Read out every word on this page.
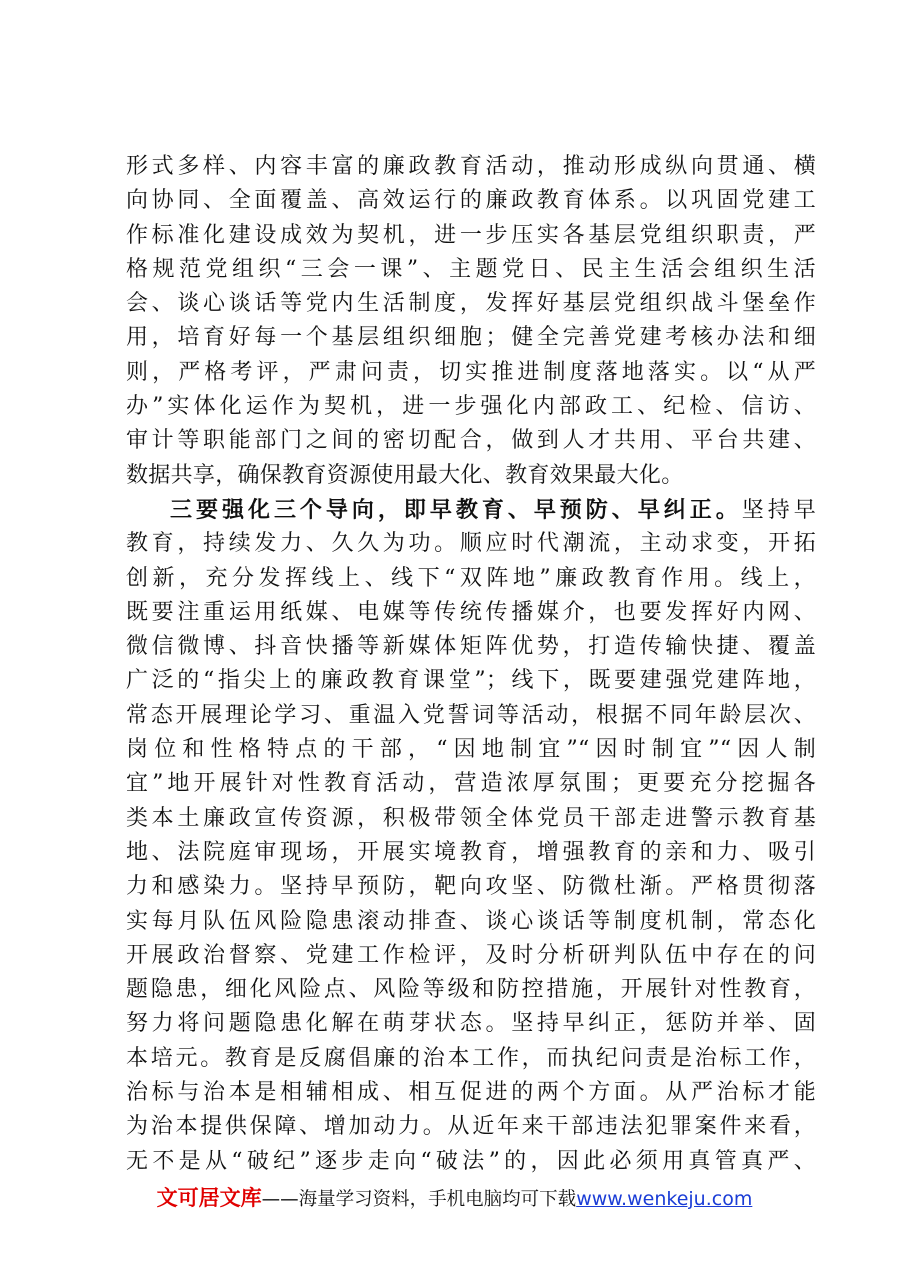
形式多样、内容丰富的廉政教育活动，推动形成纵向贯通、横
向协同、全面覆盖、高效运行的廉政教育体系。以巩固党建工
作标准化建设成效为契机，进一步压实各基层党组织职责，严
格规范党组织“三会一课”、主题党日、民主生活会组织生活
会、谈心谈话等党内生活制度，发挥好基层党组织战斗堡垒作
用，培育好每一个基层组织细胞；健全完善党建考核办法和细
则，严格考评，严肃问责，切实推进制度落地落实。以“从严
办”实体化运作为契机，进一步强化内部政工、纪检、信访、
审计等职能部门之间的密切配合，做到人才共用、平台共建、
数据共享，确保教育资源使用最大化、教育效果最大化。
三要强化三个导向，即早教育、早预防、早纠正。坚持早
教育，持续发力、久久为功。顺应时代潮流，主动求变，开拓
创新，充分发挥线上、线下“双阵地”廉政教育作用。线上，
既要注重运用纸媒、电媒等传统传播媒介，也要发挥好内网、
微信微博、抖音快播等新媒体矩阵优势，打造传输快捷、覆盖
广泛的“指尖上的廉政教育课堂”；线下，既要建强党建阵地，
常态开展理论学习、重温入党誓词等活动，根据不同年龄层次、
岗位和性格特点的干部，“因地制宜”“因时制宜”“因人制
宜”地开展针对性教育活动，营造浓厚氛围；更要充分挖掘各
类本土廉政宣传资源，积极带领全体党员干部走进警示教育基
地、法院庭审现场，开展实境教育，增强教育的亲和力、吸引
力和感染力。坚持早预防，靶向攻坚、防微杜渐。严格贯彻落
实每月队伍风险隐患滚动排查、谈心谈话等制度机制，常态化
开展政治督察、党建工作检评，及时分析研判队伍中存在的问
题隐患，细化风险点、风险等级和防控措施，开展针对性教育，
努力将问题隐患化解在萌芽状态。坚持早纠正，惩防并举、固
本培元。教育是反腐倡廉的治本工作，而执纪问责是治标工作，
治标与治本是相辅相成、相互促进的两个方面。从严治标才能
为治本提供保障、增加动力。从近年来干部违法犯罪案件来看，
无不是从“破纪”逐步走向“破法”的，因此必须用真管真严、
文可居文库——海量学习资料，手机电脑均可下载www.wenkeju.com
